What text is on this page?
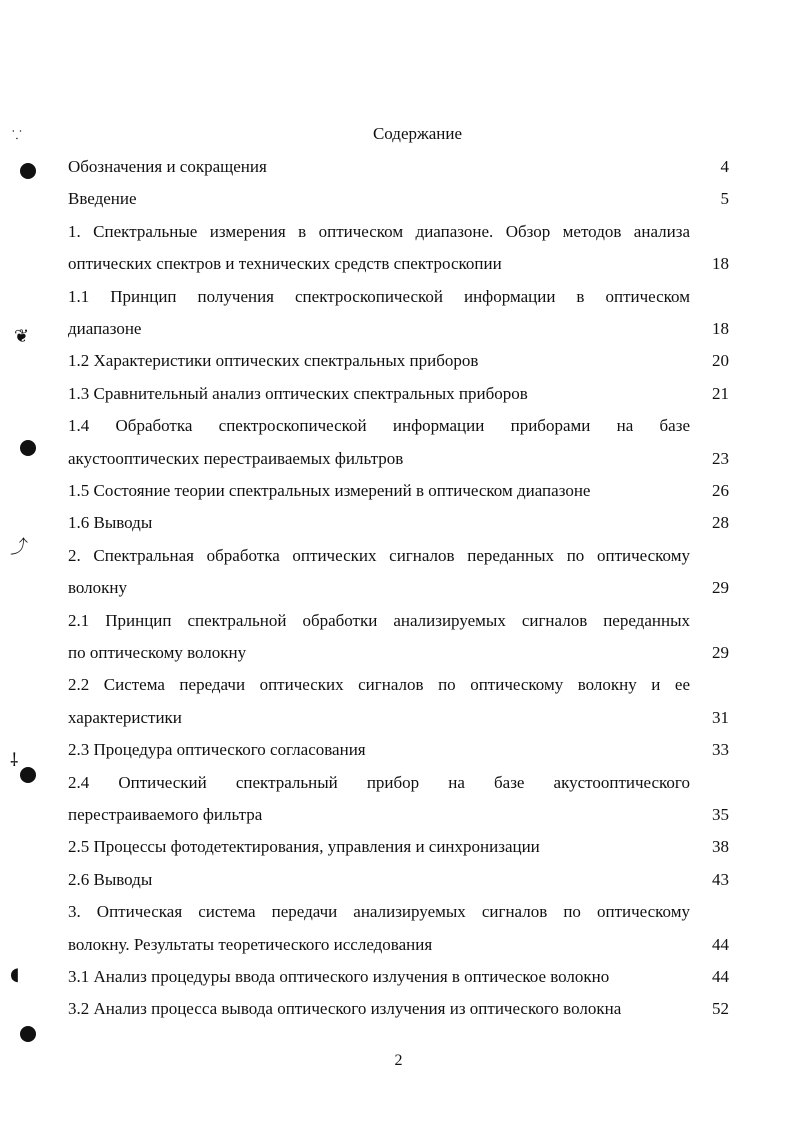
Содержание
Обозначения и сокращения	4
Введение	5
1. Спектральные измерения в оптическом диапазоне. Обзор методов анализа
оптических спектров и технических средств спектроскопии	18
1.1 Принцип получения спектроскопической информации в оптическом
диапазоне	18
1.2 Характеристики оптических спектральных приборов	20
1.3 Сравнительный анализ оптических спектральных приборов	21
1.4 Обработка спектроскопической информации приборами на базе
акустооптических перестраиваемых фильтров	23
1.5 Состояние теории спектральных измерений в оптическом диапазоне	26
1.6 Выводы	28
2. Спектральная обработка оптических сигналов переданных по оптическому
волокну	29
2.1 Принцип спектральной обработки анализируемых сигналов переданных
по оптическому волокну	29
2.2 Система передачи оптических сигналов по оптическому волокну и ее
характеристики	31
2.3 Процедура оптического согласования	33
2.4 Оптический спектральный прибор на базе акустооптического
перестраиваемого фильтра	35
2.5 Процессы фотодетектирования, управления и синхронизации	38
2.6 Выводы	43
3. Оптическая система передачи анализируемых сигналов по оптическому
волокну. Результаты теоретического исследования	44
3.1 Анализ процедуры ввода оптического излучения в оптическое волокно	44
3.2 Анализ процесса вывода оптического излучения из оптического волокна	52
2
⸪
❦
⤴
⸸
◖
